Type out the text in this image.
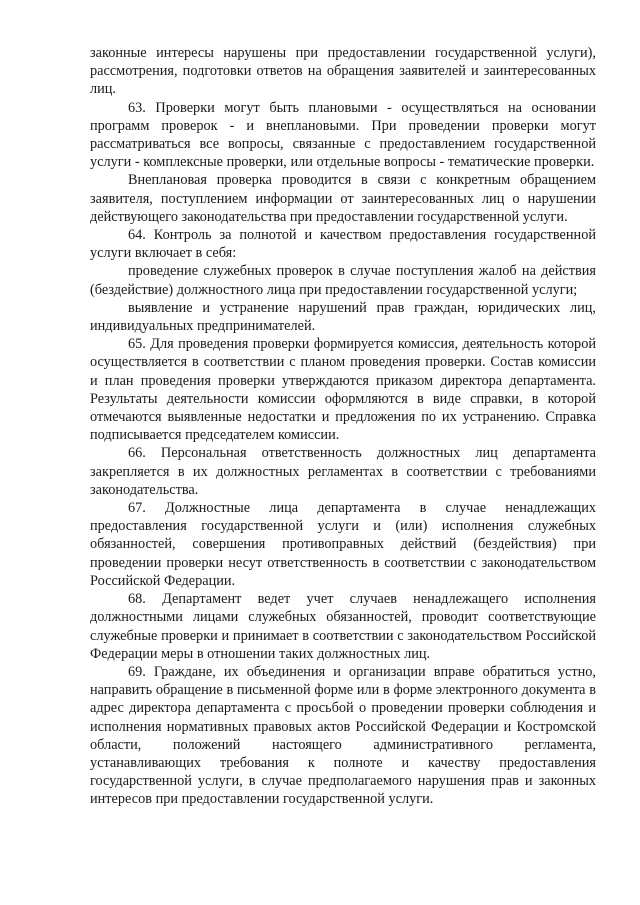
законные интересы нарушены при предоставлении государственной услуги), рассмотрения, подготовки ответов на обращения заявителей и заинтересованных лиц.

63. Проверки могут быть плановыми - осуществляться на основании программ проверок - и внеплановыми. При проведении проверки могут рассматриваться все вопросы, связанные с предоставлением государственной услуги - комплексные проверки, или отдельные вопросы - тематические проверки.

Внеплановая проверка проводится в связи с конкретным обращением заявителя, поступлением информации от заинтересованных лиц о нарушении действующего законодательства при предоставлении государственной услуги.

64. Контроль за полнотой и качеством предоставления государственной услуги включает в себя:

проведение служебных проверок в случае поступления жалоб на действия (бездействие) должностного лица при предоставлении государственной услуги;

выявление и устранение нарушений прав граждан, юридических лиц, индивидуальных предпринимателей.

65. Для проведения проверки формируется комиссия, деятельность которой осуществляется в соответствии с планом проведения проверки. Состав комиссии и план проведения проверки утверждаются приказом директора департамента. Результаты деятельности комиссии оформляются в виде справки, в которой отмечаются выявленные недостатки и предложения по их устранению. Справка подписывается председателем комиссии.

66. Персональная ответственность должностных лиц департамента закрепляется в их должностных регламентах в соответствии с требованиями законодательства.

67. Должностные лица департамента в случае ненадлежащих предоставления государственной услуги и (или) исполнения служебных обязанностей, совершения противоправных действий (бездействия) при проведении проверки несут ответственность в соответствии с законодательством Российской Федерации.

68. Департамент ведет учет случаев ненадлежащего исполнения должностными лицами служебных обязанностей, проводит соответствующие служебные проверки и принимает в соответствии с законодательством Российской Федерации меры в отношении таких должностных лиц.

69. Граждане, их объединения и организации вправе обратиться устно, направить обращение в письменной форме или в форме электронного документа в адрес директора департамента с просьбой о проведении проверки соблюдения и исполнения нормативных правовых актов Российской Федерации и Костромской области, положений настоящего административного регламента, устанавливающих требования к полноте и качеству предоставления государственной услуги, в случае предполагаемого нарушения прав и законных интересов при предоставлении государственной услуги.
